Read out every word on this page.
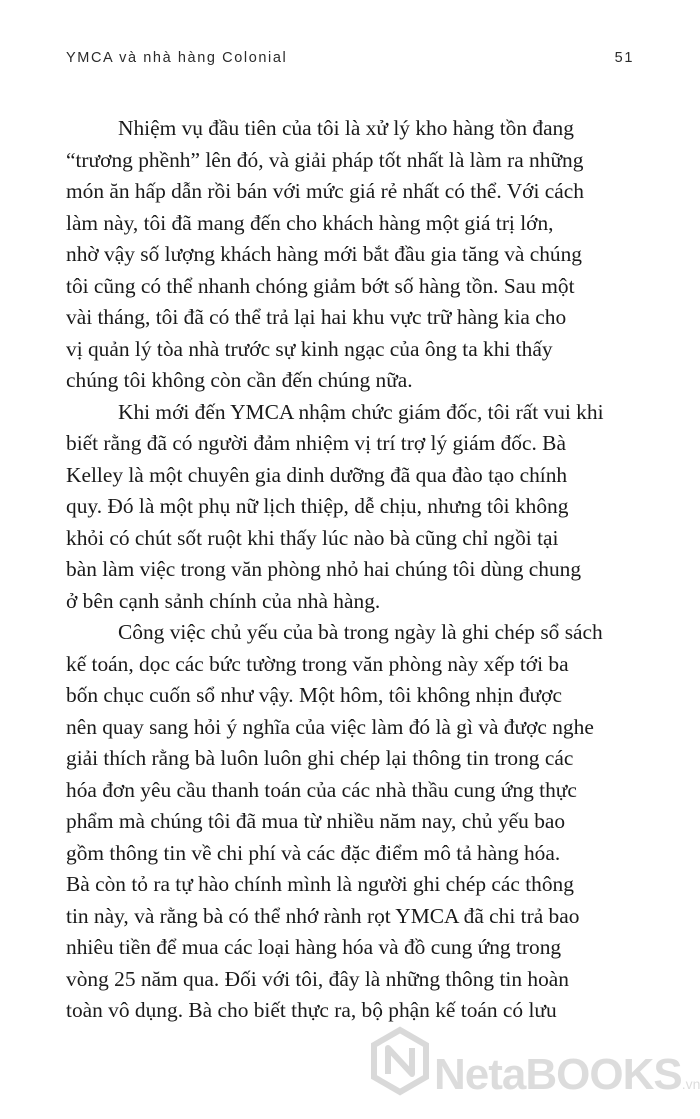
YMCA và nhà hàng Colonial	51
Nhiệm vụ đầu tiên của tôi là xử lý kho hàng tồn đang
“trương phềnh” lên đó, và giải pháp tốt nhất là làm ra những
món ăn hấp dẫn rồi bán với mức giá rẻ nhất có thể. Với cách
làm này, tôi đã mang đến cho khách hàng một giá trị lớn,
nhờ vậy số lượng khách hàng mới bắt đầu gia tăng và chúng
tôi cũng có thể nhanh chóng giảm bớt số hàng tồn. Sau một
vài tháng, tôi đã có thể trả lại hai khu vực trữ hàng kia cho
vị quản lý tòa nhà trước sự kinh ngạc của ông ta khi thấy
chúng tôi không còn cần đến chúng nữa.
Khi mới đến YMCA nhậm chức giám đốc, tôi rất vui khi
biết rằng đã có người đảm nhiệm vị trí trợ lý giám đốc. Bà
Kelley là một chuyên gia dinh dưỡng đã qua đào tạo chính
quy. Đó là một phụ nữ lịch thiệp, dễ chịu, nhưng tôi không
khỏi có chút sốt ruột khi thấy lúc nào bà cũng chỉ ngồi tại
bàn làm việc trong văn phòng nhỏ hai chúng tôi dùng chung
ở bên cạnh sảnh chính của nhà hàng.
Công việc chủ yếu của bà trong ngày là ghi chép sổ sách
kế toán, dọc các bức tường trong văn phòng này xếp tới ba
bốn chục cuốn sổ như vậy. Một hôm, tôi không nhịn được
nên quay sang hỏi ý nghĩa của việc làm đó là gì và được nghe
giải thích rằng bà luôn luôn ghi chép lại thông tin trong các
hóa đơn yêu cầu thanh toán của các nhà thầu cung ứng thực
phẩm mà chúng tôi đã mua từ nhiều năm nay, chủ yếu bao
gồm thông tin về chi phí và các đặc điểm mô tả hàng hóa.
Bà còn tỏ ra tự hào chính mình là người ghi chép các thông
tin này, và rằng bà có thể nhớ rành rọt YMCA đã chi trả bao
nhiêu tiền để mua các loại hàng hóa và đồ cung ứng trong
vòng 25 năm qua. Đối với tôi, đây là những thông tin hoàn
toàn vô dụng. Bà cho biết thực ra, bộ phận kế toán có lưu
NetaBOOKS.vn
